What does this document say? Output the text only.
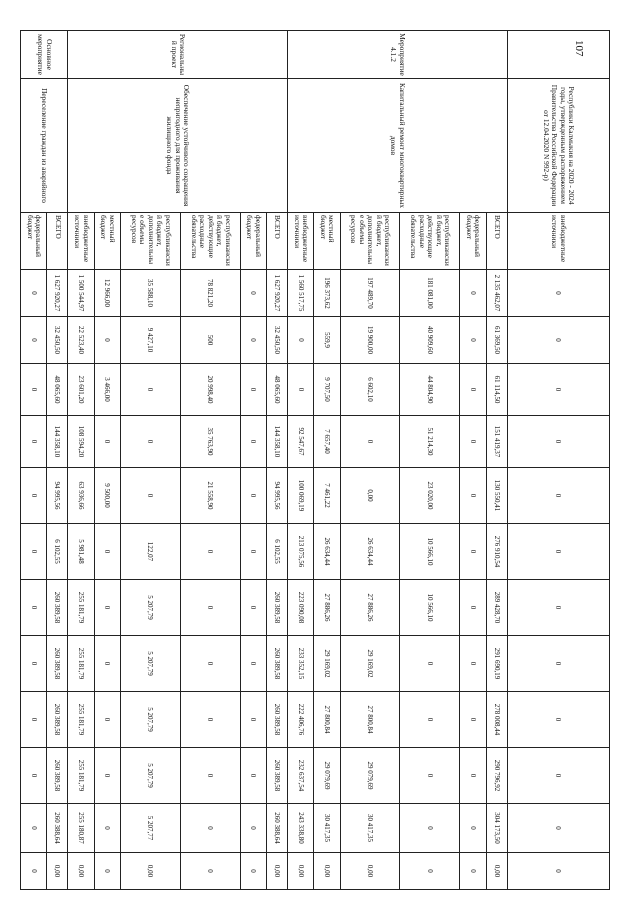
107
	Республики Калмыкия на 2020 - 2024 годы, утвержденным распоряжением Правительства Российской Федерации от 12.04.2020 N 992-р)	внебюджетные источники	0	0	0	0	0	0	0	0	0	0	0	0
Мероприятие 4.1.2	Капитальный ремонт многоквартирных домов	ВСЕГО	2 135 462,07	61 369,50	61 114,50	151 419,37	130 550,41	276 910,54	289 428,70	291 690,19	278 008,44	290 796,92	304 173,50	0,00
		федеральный бюджет	0	0	0	0	0	0	0	0	0	0	0	0
		республиканский бюджет, действующие расходные обязательства	181 081,00	40 909,60	44 804,90	51 214,30	23 020,00	10 566,10	10 566,10	0	0	0	0	0
		республиканский бюджет, дополнительные объемы ресурсов	197 489,70	19 900,00	6 602,10	0	0,00	26 634,44	27 886,26	29 169,02	27 800,84	29 079,69	30 417,35	0,00
		местный бюджет	196 373,62	559,9	9 707,50	7 657,40	7 461,22	26 634,44	27 886,26	29 169,02	27 800,84	29 079,69	30 417,35	0,00
		внебюджетные источники	1 560 517,75	0	0	92 547,67	100 069,19	213 075,56	223 090,08	233 352,15	222 406,76	232 637,54	243 338,80	0,00
Региональный проект	Обеспечение устойчивого сокращения непригодного для проживания жилищного фонда	ВСЕГО	1 627 920,27	32 450,50	48 065,60	144 358,10	94 995,56	6 102,55	260 389,58	260 389,58	260 389,58	260 389,58	260 388,64	0,00
		федеральный бюджет	0	0	0	0	0	0	0	0	0	0	0	0
		республиканский бюджет, действующие расходные обязательства	78 821,20	500	20 998,40	35 763,90	21 558,90	0	0	0	0	0	0	0
		республиканский бюджет, дополнительные объемы ресурсов	35 588,10	9 427,10	0	0	0	122,07	5 207,79	5 207,79	5 207,79	5 207,79	5 207,77	0,00
		местный бюджет	12 966,00	0	3 466,00	0	9 500,00	0	0	0	0	0	0	0
		внебюджетные источники	1 500 544,97	22 523,40	23 601,20	108 594,20	63 936,66	5 981,48	255 181,79	255 181,79	255 181,79	255 181,79	255 180,87	0,00
Основное мероприятие	Переселение граждан из аварийного	ВСЕГО	1 627 920,27	32 450,50	48 065,60	144 358,10	94 995,56	6 102,55	260 389,58	260 389,58	260 389,58	260 389,58	260 388,64	0,00
		федеральный бюджет	0	0	0	0	0	0	0	0	0	0	0	0
